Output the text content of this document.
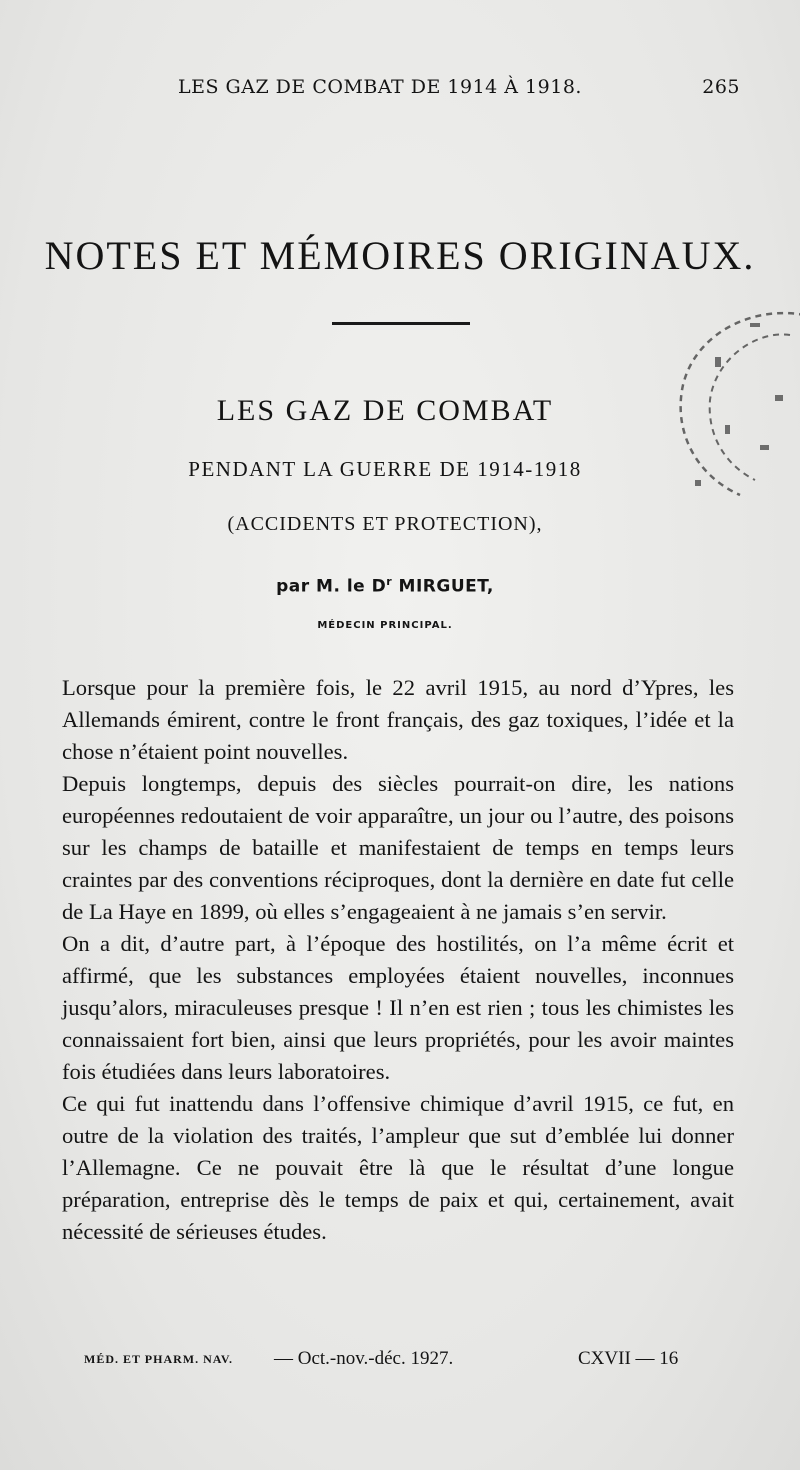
LES GAZ DE COMBAT DE 1914 À 1918.	265
NOTES ET MÉMOIRES ORIGINAUX.
LES GAZ DE COMBAT
PENDANT LA GUERRE DE 1914-1918
(ACCIDENTS ET PROTECTION),
par M. le $D^r$ MIRGUET,
MÉDECIN PRINCIPAL.

Lorsque pour la première fois, le 22 avril 1915, au nord d’Ypres, les Allemands émirent, contre le front français, des gaz toxiques, l’idée et la chose n’étaient point nouvelles.

Depuis longtemps, depuis des siècles pourrait-on dire, les nations européennes redoutaient de voir apparaître, un jour ou l’autre, des poisons sur les champs de bataille et manifestaient de temps en temps leurs craintes par des conventions réciproques, dont la dernière en date fut celle de La Haye en 1899, où elles s’engageaient à ne jamais s’en servir.

On a dit, d’autre part, à l’époque des hostilités, on l’a même écrit et affirmé, que les substances employées étaient nouvelles, inconnues jusqu’alors, miraculeuses presque ! Il n’en est rien ; tous les chimistes les connaissaient fort bien, ainsi que leurs propriétés, pour les avoir maintes fois étudiées dans leurs laboratoires.

Ce qui fut inattendu dans l’offensive chimique d’avril 1915, ce fut, en outre de la violation des traités, l’ampleur que sut d’emblée lui donner l’Allemagne. Ce ne pouvait être là que le résultat d’une longue préparation, entreprise dès le temps de paix et qui, certainement, avait nécessité de sérieuses études.

MÉD. ET PHARM. NAV. — Oct.-nov.-déc. 1927.	CXVII — 16
